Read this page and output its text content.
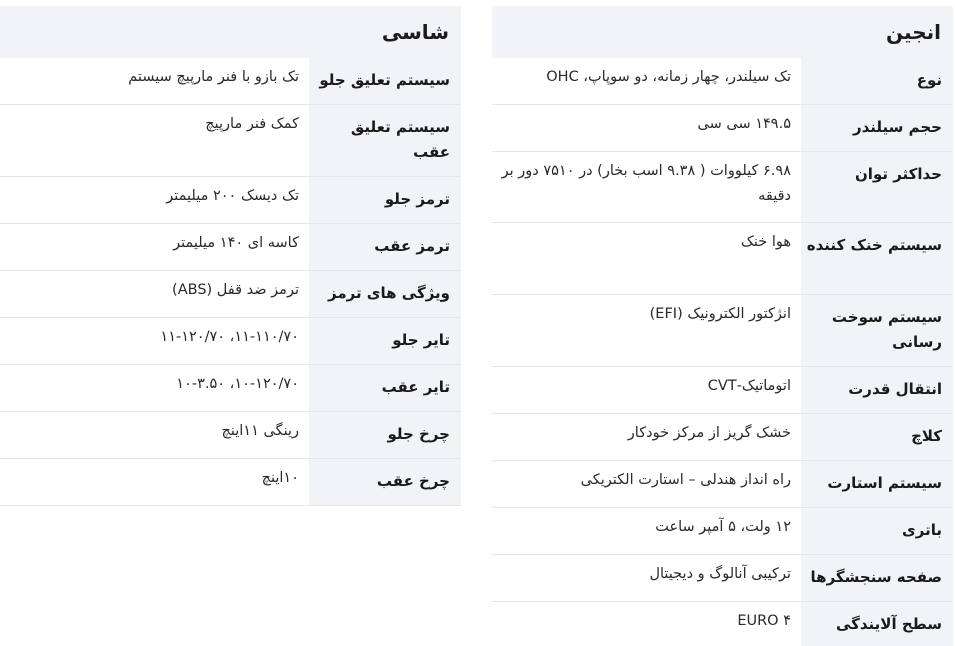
انجین
نوع
تک سیلندر، چهار زمانه، دو سوپاپ، OHC
حجم سیلندر
۱۴۹.۵ سی سی
حداکثر توان
۶.۹۸ کیلووات ( ۹.۳۸ اسب بخار) در ۷۵۱۰ دور بر دقیقه
سیستم خنک کننده
هوا خنک
سیستم سوخت رسانی
انژکتور الکترونیک (EFI)
انتقال قدرت
اتوماتیک-CVT
کلاچ
خشک گریز از مرکز خودکار
سیستم استارت
راه انداز هندلی – استارت الکتریکی
باتری
۱۲ ولت، ۵ آمپر ساعت
صفحه سنجشگرها
ترکیبی آنالوگ و دیجیتال
سطح آلایندگی
EURO ۴
شاسی
سیستم تعلیق جلو
تک بازو با فنر مارپیچ سیستم
سیستم تعلیق عقب
کمک فنر مارپیچ
ترمز جلو
تک دیسک ۲۰۰ میلیمتر
ترمز عقب
کاسه ای ۱۴۰ میلیمتر
ویژگی های ترمز
ترمز ضد قفل (ABS)
تایر جلو
۱۱-۱۱۰/۷۰، ۱۱-۱۲۰/۷۰
تایر عقب
۱۰-۱۲۰/۷۰، ۱۰-۳.۵۰
چرخ جلو
رینگی ۱۱اینچ
چرخ عقب
۱۰اینچ
